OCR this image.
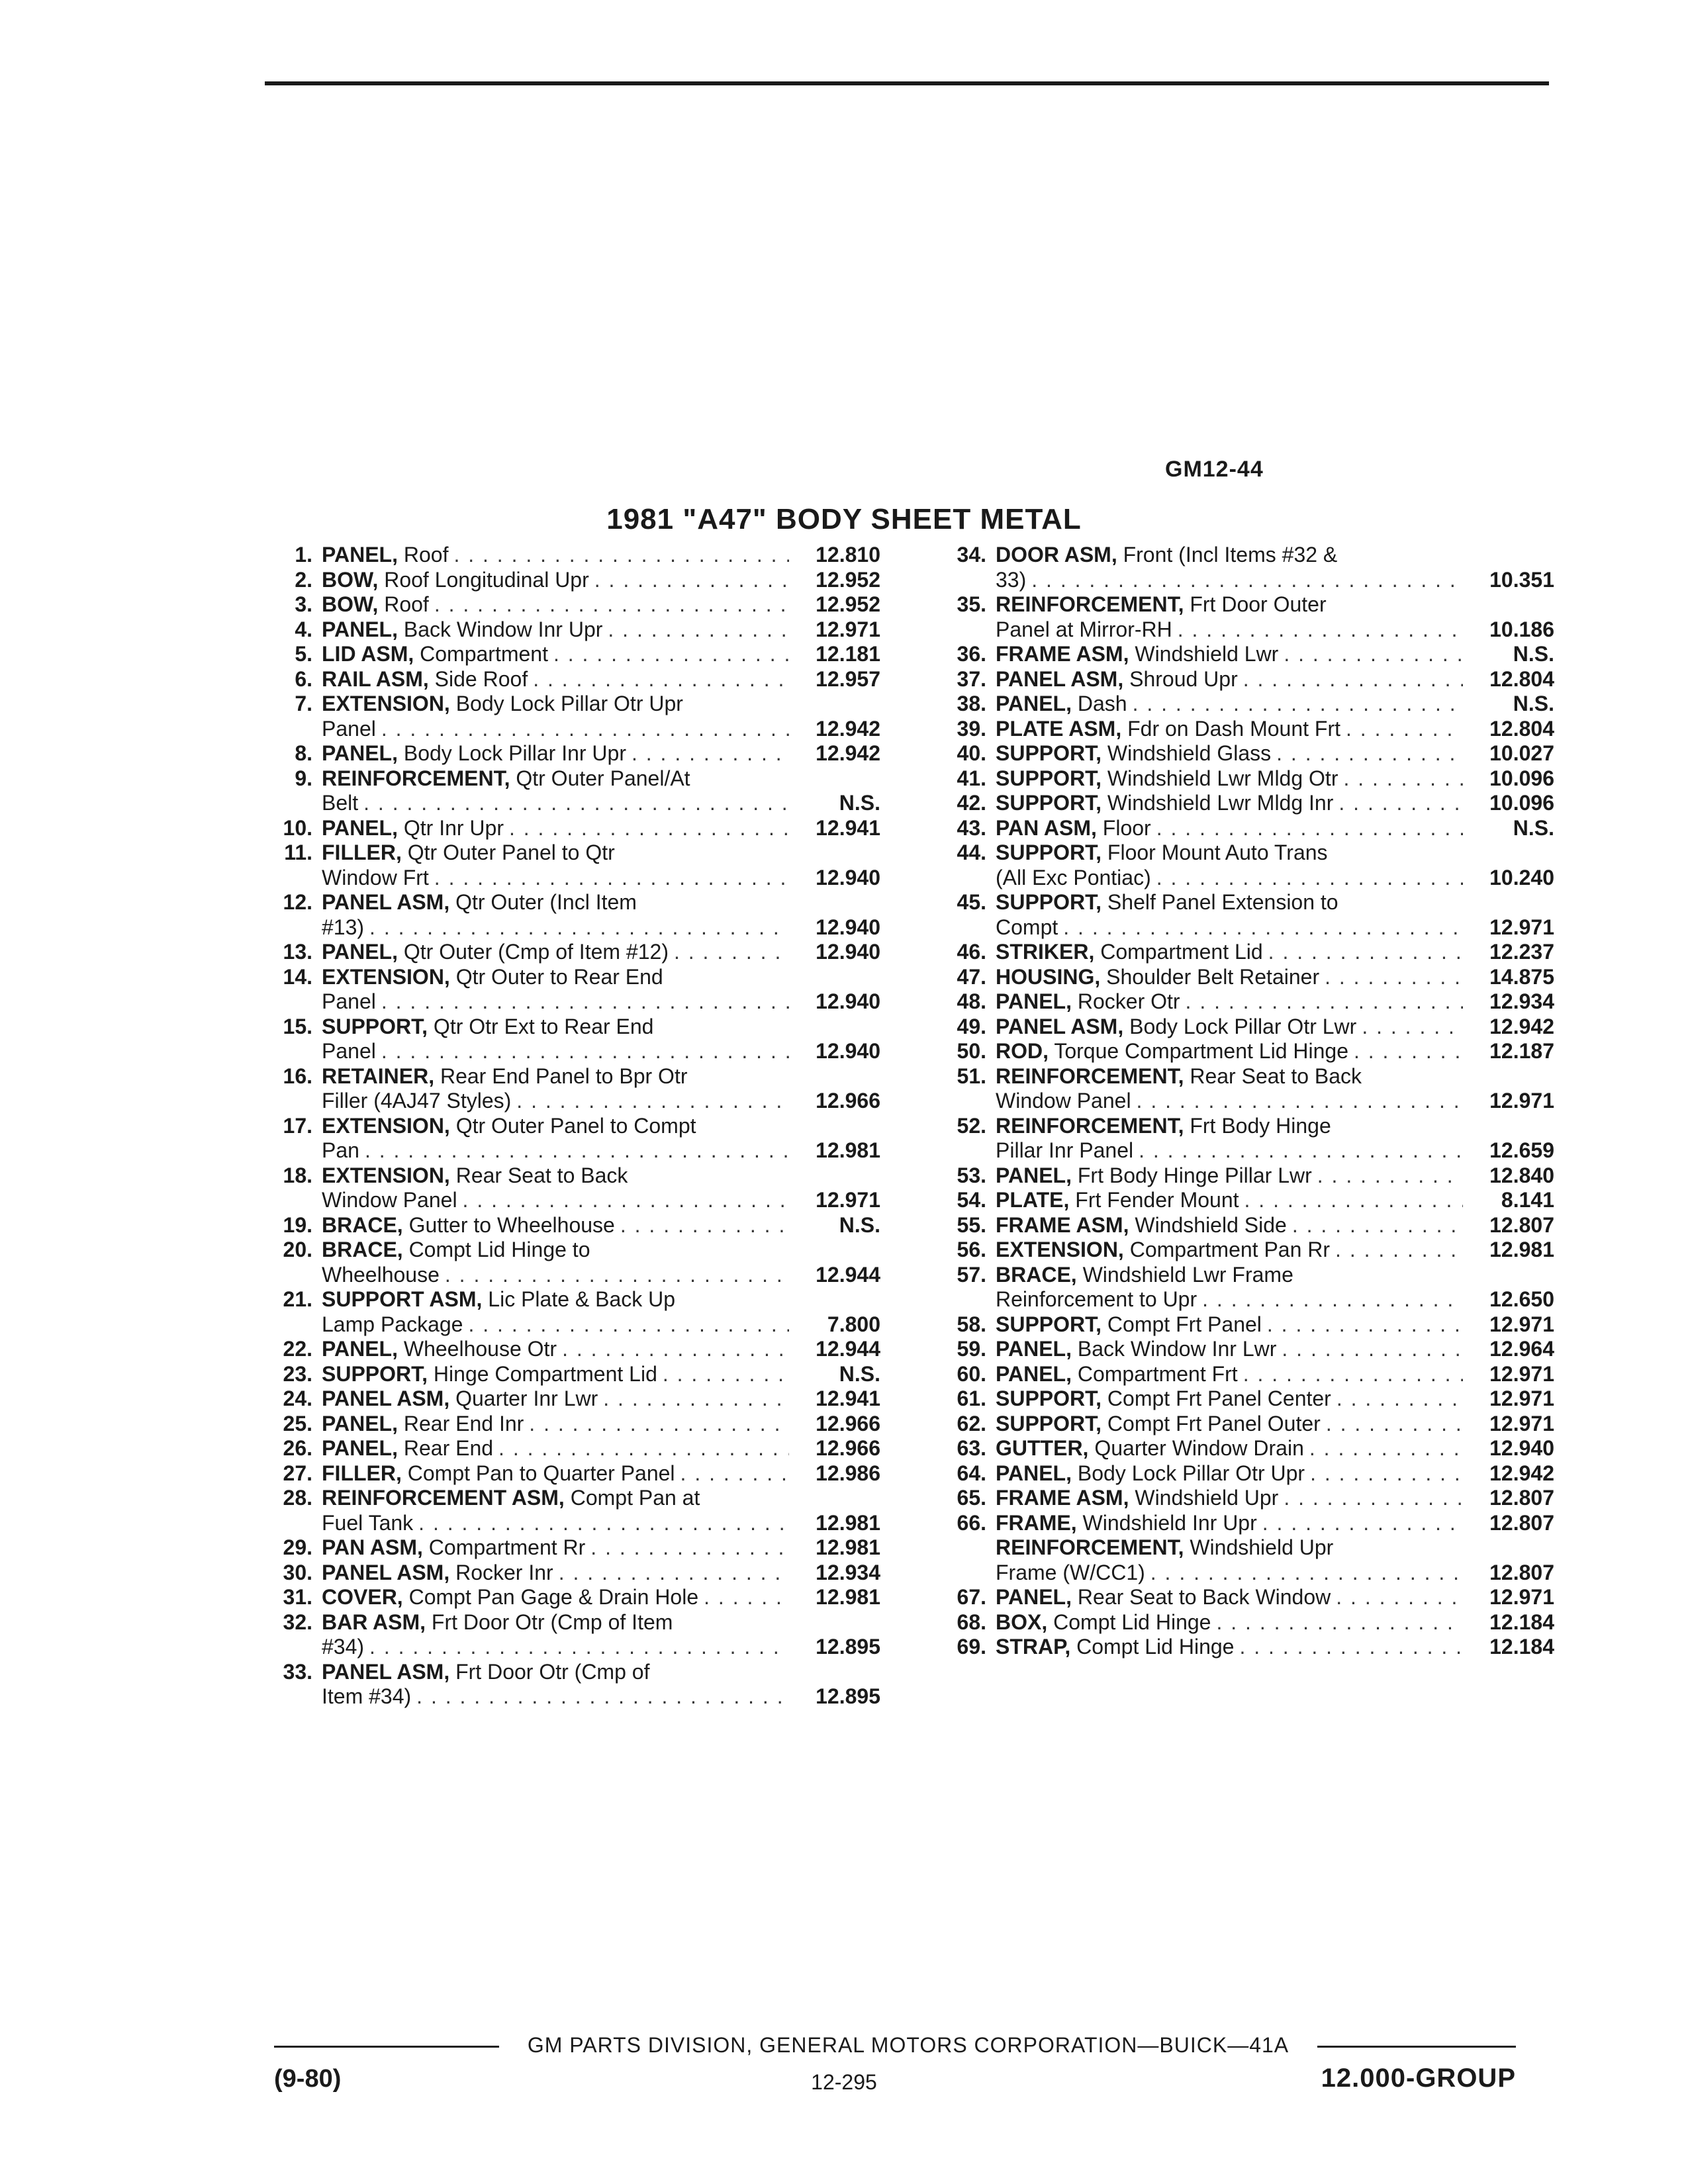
GM12-44
1981 "A47" BODY SHEET METAL
1. PANEL, Roof . . .	12.810
2. BOW, Roof Longitudinal Upr . . .	12.952
3. BOW, Roof . . .	12.952
4. PANEL, Back Window Inr Upr . . .	12.971
5. LID ASM, Compartment . . .	12.181
6. RAIL ASM, Side Roof . . .	12.957
7. EXTENSION, Body Lock Pillar Otr Upr
Panel . . .	12.942
8. PANEL, Body Lock Pillar Inr Upr . . .	12.942
9. REINFORCEMENT, Qtr Outer Panel/At
Belt . . .	N.S.
10. PANEL, Qtr Inr Upr . . .	12.941
11. FILLER, Qtr Outer Panel to Qtr
Window Frt . . .	12.940
12. PANEL ASM, Qtr Outer (Incl Item
#13) . . .	12.940
13. PANEL, Qtr Outer (Cmp of Item #12) . . .	12.940
14. EXTENSION, Qtr Outer to Rear End
Panel . . .	12.940
15. SUPPORT, Qtr Otr Ext to Rear End
Panel . . .	12.940
16. RETAINER, Rear End Panel to Bpr Otr
Filler (4AJ47 Styles) . . .	12.966
17. EXTENSION, Qtr Outer Panel to Compt
Pan . . .	12.981
18. EXTENSION, Rear Seat to Back
Window Panel . . .	12.971
19. BRACE, Gutter to Wheelhouse . . .	N.S.
20. BRACE, Compt Lid Hinge to
Wheelhouse . . .	12.944
21. SUPPORT ASM, Lic Plate & Back Up
Lamp Package . . .	7.800
22. PANEL, Wheelhouse Otr . . .	12.944
23. SUPPORT, Hinge Compartment Lid . . .	N.S.
24. PANEL ASM, Quarter Inr Lwr . . .	12.941
25. PANEL, Rear End Inr . . .	12.966
26. PANEL, Rear End . . .	12.966
27. FILLER, Compt Pan to Quarter Panel . . .	12.986
28. REINFORCEMENT ASM, Compt Pan at
Fuel Tank . . .	12.981
29. PAN ASM, Compartment Rr . . .	12.981
30. PANEL ASM, Rocker Inr . . .	12.934
31. COVER, Compt Pan Gage & Drain Hole . . .	12.981
32. BAR ASM, Frt Door Otr (Cmp of Item
#34) . . .	12.895
33. PANEL ASM, Frt Door Otr (Cmp of
Item #34) . . .	12.895
34. DOOR ASM, Front (Incl Items #32 &
33) . . .	10.351
35. REINFORCEMENT, Frt Door Outer
Panel at Mirror-RH . . .	10.186
36. FRAME ASM, Windshield Lwr . . .	N.S.
37. PANEL ASM, Shroud Upr . . .	12.804
38. PANEL, Dash . . .	N.S.
39. PLATE ASM, Fdr on Dash Mount Frt . . .	12.804
40. SUPPORT, Windshield Glass . . .	10.027
41. SUPPORT, Windshield Lwr Mldg Otr . . .	10.096
42. SUPPORT, Windshield Lwr Mldg Inr . . .	10.096
43. PAN ASM, Floor . . .	N.S.
44. SUPPORT, Floor Mount Auto Trans
(All Exc Pontiac) . . .	10.240
45. SUPPORT, Shelf Panel Extension to
Compt . . .	12.971
46. STRIKER, Compartment Lid . . .	12.237
47. HOUSING, Shoulder Belt Retainer . . .	14.875
48. PANEL, Rocker Otr . . .	12.934
49. PANEL ASM, Body Lock Pillar Otr Lwr . . .	12.942
50. ROD, Torque Compartment Lid Hinge . . .	12.187
51. REINFORCEMENT, Rear Seat to Back
Window Panel . . .	12.971
52. REINFORCEMENT, Frt Body Hinge
Pillar Inr Panel . . .	12.659
53. PANEL, Frt Body Hinge Pillar Lwr . . .	12.840
54. PLATE, Frt Fender Mount . . .	8.141
55. FRAME ASM, Windshield Side . . .	12.807
56. EXTENSION, Compartment Pan Rr . . .	12.981
57. BRACE, Windshield Lwr Frame
Reinforcement to Upr . . .	12.650
58. SUPPORT, Compt Frt Panel . . .	12.971
59. PANEL, Back Window Inr Lwr . . .	12.964
60. PANEL, Compartment Frt . . .	12.971
61. SUPPORT, Compt Frt Panel Center . . .	12.971
62. SUPPORT, Compt Frt Panel Outer . . .	12.971
63. GUTTER, Quarter Window Drain . . .	12.940
64. PANEL, Body Lock Pillar Otr Upr . . .	12.942
65. FRAME ASM, Windshield Upr . . .	12.807
66. FRAME, Windshield Inr Upr . . .	12.807
REINFORCEMENT, Windshield Upr
Frame (W/CC1) . . .	12.807
67. PANEL, Rear Seat to Back Window . . .	12.971
68. BOX, Compt Lid Hinge . . .	12.184
69. STRAP, Compt Lid Hinge . . .	12.184
GM PARTS DIVISION, GENERAL MOTORS CORPORATION—BUICK—41A
(9-80)	12-295	12.000-GROUP
